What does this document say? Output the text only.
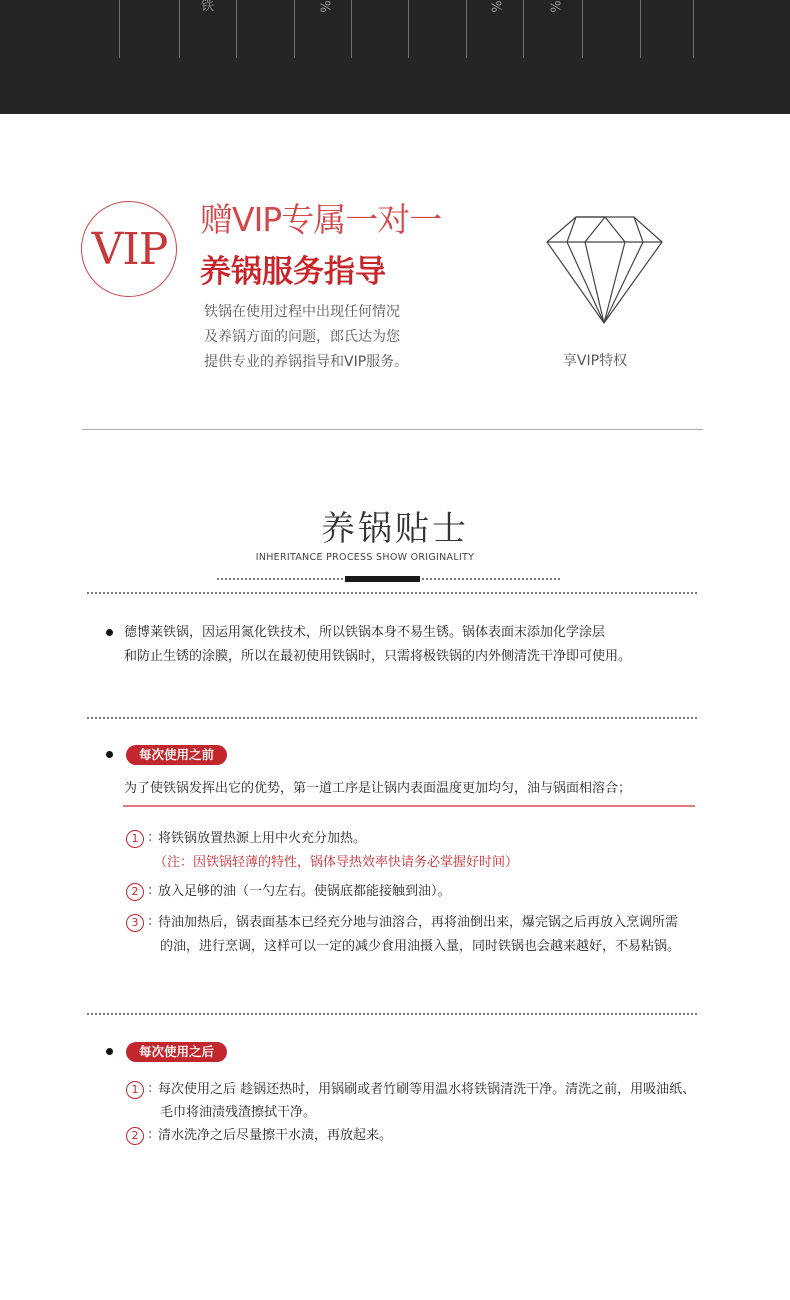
铁	%	%	%
VIP
赠VIP专属一对一
养锅服务指导
铁锅在使用过程中出现任何情况
及养锅方面的问题，郎氏达为您
提供专业的养锅指导和VIP服务。	享VIP特权
养锅贴士
INHERITANCE PROCESS SHOW ORIGINALITY
德博莱铁锅，因运用氮化铁技术，所以铁锅本身不易生锈。锅体表面末添加化学涂层
和防止生锈的涂膜，所以在最初使用铁锅时，只需将极铁锅的内外侧清洗干净即可使用。
每次使用之前
为了使铁锅发挥出它的优势，第一道工序是让锅内表面温度更加均匀，油与锅面相溶合；
1 : 将铁锅放置热源上用中火充分加热。
（注：因铁锅轻薄的特性，锅体导热效率快请务必掌握好时间）
2 : 放入足够的油（一勺左右。使锅底都能接触到油）。
3 : 待油加热后，锅表面基本已经充分地与油溶合，再将油倒出来，爆完锅之后再放入烹调所需
的油，进行烹调，这样可以一定的减少食用油摄入量，同时铁锅也会越来越好，不易粘锅。
每次使用之后
1 : 每次使用之后 趁锅还热时，用锅刷或者竹刷等用温水将铁锅清洗干净。清洗之前，用吸油纸、
毛巾将油渍残渣擦拭干净。
2 : 清水洗净之后尽量擦干水渍，再放起来。
